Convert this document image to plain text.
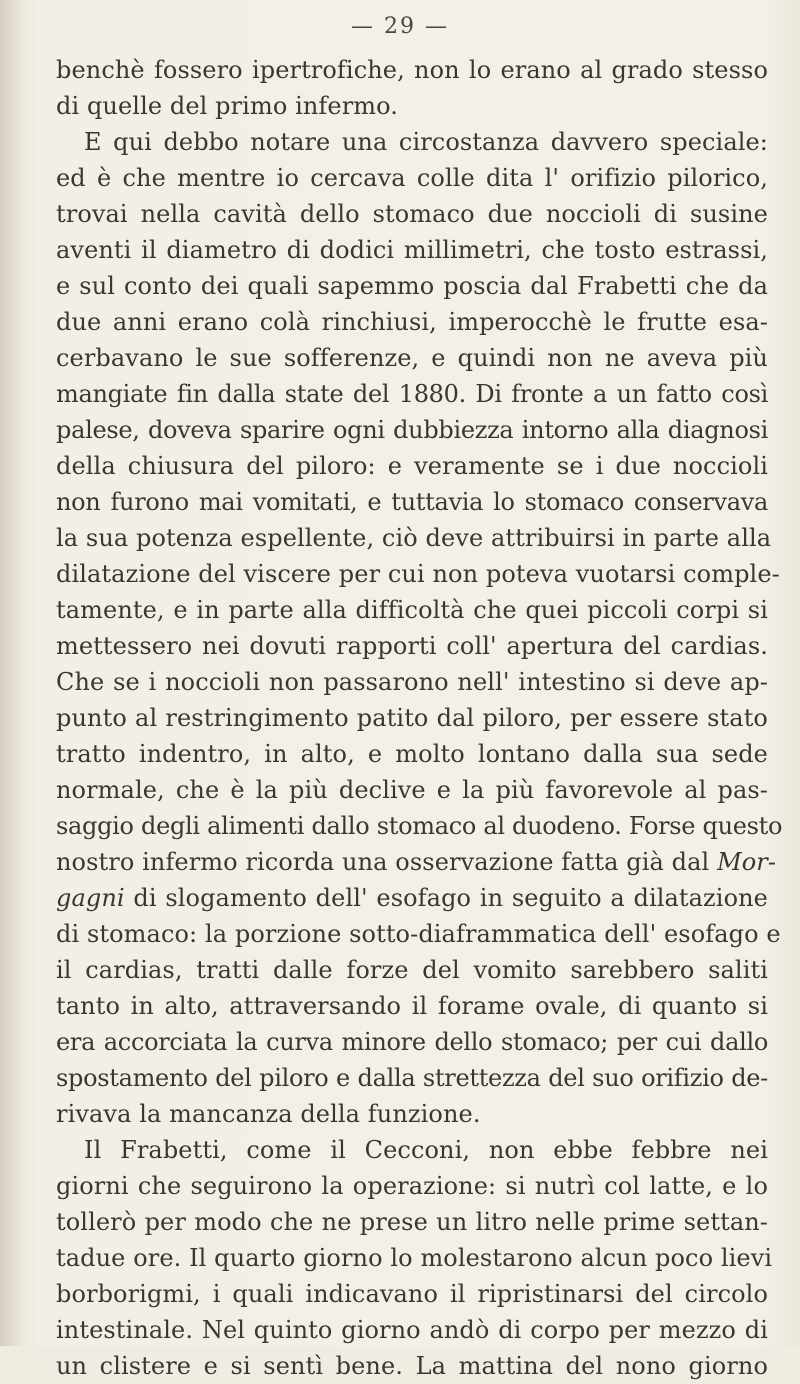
— 29 —
benchè fossero ipertrofiche, non lo erano al grado stesso
di quelle del primo infermo.
E qui debbo notare una circostanza davvero speciale:
ed è che mentre io cercava colle dita l' orifizio pilorico,
trovai nella cavità dello stomaco due noccioli di susine
aventi il diametro di dodici millimetri, che tosto estrassi,
e sul conto dei quali sapemmo poscia dal Frabetti che da
due anni erano colà rinchiusi, imperocchè le frutte esa-
cerbavano le sue sofferenze, e quindi non ne aveva più
mangiate fin dalla state del 1880. Di fronte a un fatto così
palese, doveva sparire ogni dubbiezza intorno alla diagnosi
della chiusura del piloro: e veramente se i due noccioli
non furono mai vomitati, e tuttavia lo stomaco conservava
la sua potenza espellente, ciò deve attribuirsi in parte alla
dilatazione del viscere per cui non poteva vuotarsi comple-
tamente, e in parte alla difficoltà che quei piccoli corpi si
mettessero nei dovuti rapporti coll' apertura del cardias.
Che se i noccioli non passarono nell' intestino si deve ap-
punto al restringimento patito dal piloro, per essere stato
tratto indentro, in alto, e molto lontano dalla sua sede
normale, che è la più declive e la più favorevole al pas-
saggio degli alimenti dallo stomaco al duodeno. Forse questo
nostro infermo ricorda una osservazione fatta già dal Mor-
gagni di slogamento dell' esofago in seguito a dilatazione
di stomaco: la porzione sotto-diaframmatica dell' esofago e
il cardias, tratti dalle forze del vomito sarebbero saliti
tanto in alto, attraversando il forame ovale, di quanto si
era accorciata la curva minore dello stomaco; per cui dallo
spostamento del piloro e dalla strettezza del suo orifizio de-
rivava la mancanza della funzione.
Il Frabetti, come il Cecconi, non ebbe febbre nei
giorni che seguirono la operazione: si nutrì col latte, e lo
tollerò per modo che ne prese un litro nelle prime settan-
tadue ore. Il quarto giorno lo molestarono alcun poco lievi
borborigmi, i quali indicavano il ripristinarsi del circolo
intestinale. Nel quinto giorno andò di corpo per mezzo di
un clistere e si sentì bene. La mattina del nono giorno
